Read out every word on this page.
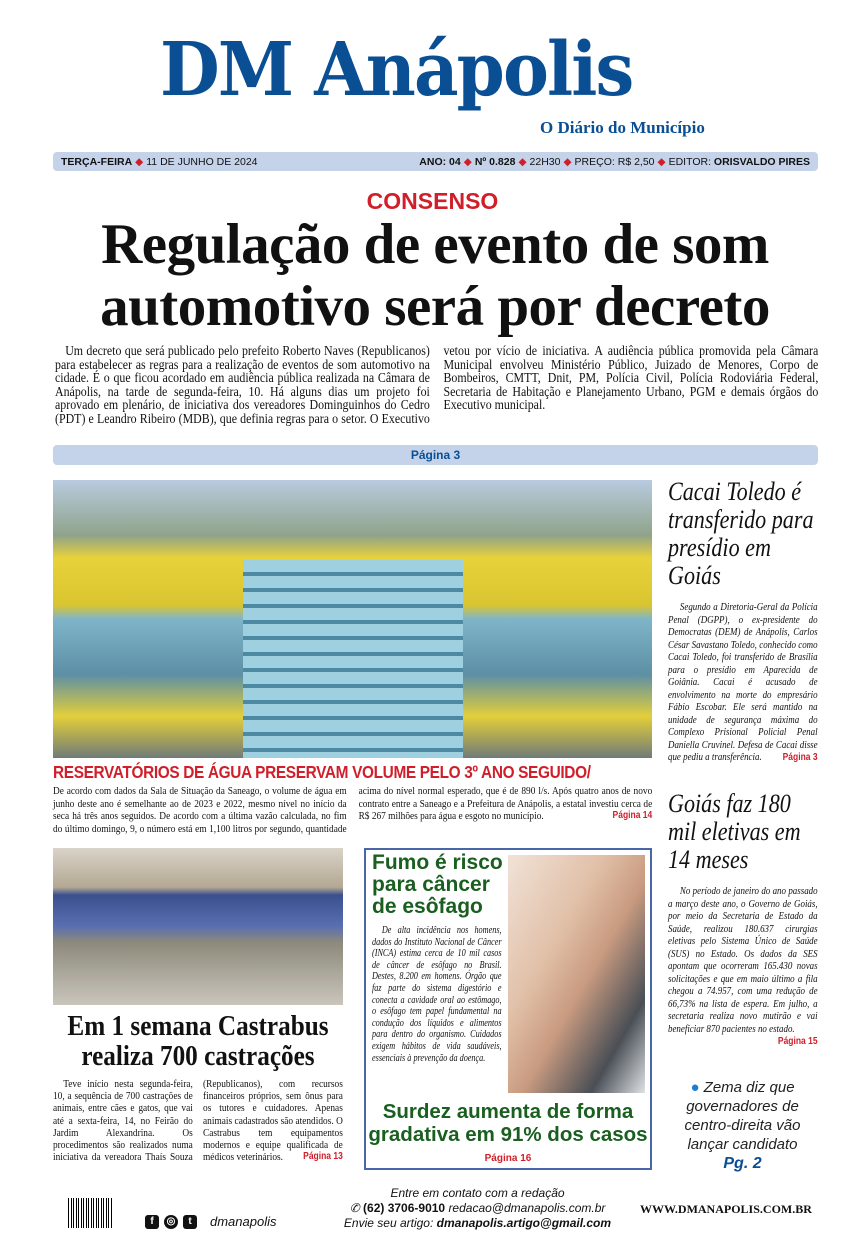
DM Anápolis
O Diário do Município
TERÇA-FEIRA ◆ 11 DE JUNHO DE 2024	ANO: 04 ◆ Nº 0.828 ◆ 22H30 ◆ PREÇO: R$ 2,50 ◆ EDITOR: ORISVALDO PIRES
CONSENSO
Regulação de evento de som automotivo será por decreto
Um decreto que será publicado pelo prefeito Roberto Naves (Republicanos) para estabelecer as regras para a realização de eventos de som automotivo na cidade. É o que ficou acordado em audiência pública realizada na Câmara de Anápolis, na tarde de segunda-feira, 10. Há alguns dias um projeto foi aprovado em plenário, de iniciativa dos vereadores Dominguinhos do Cedro (PDT) e Leandro Ribeiro (MDB), que definia regras para o setor. O Executivo vetou por vício de iniciativa. A audiência pública promovida pela Câmara Municipal envolveu Ministério Público, Juizado de Menores, Corpo de Bombeiros, CMTT, Dnit, PM, Polícia Civil, Polícia Rodoviária Federal, Secretaria de Habitação e Planejamento Urbano, PGM e demais órgãos do Executivo municipal.
Página 3
Cacai Toledo é transferido para presídio em Goiás
Segundo a Diretoria-Geral da Polícia Penal (DGPP), o ex-presidente do Democratas (DEM) de Anápolis, Carlos César Savastano Toledo, conhecido como Cacai Toledo, foi transferido de Brasília para o presídio em Aparecida de Goiânia. Cacai é acusado de envolvimento na morte do empresário Fábio Escobar. Ele será mantido na unidade de segurança máxima do Complexo Prisional Policial Penal Daniella Cruvinel. Defesa de Cacai disse que pediu a transferência.	Página 3
RESERVATÓRIOS DE ÁGUA PRESERVAM VOLUME PELO 3º ANO SEGUIDO/
De acordo com dados da Sala de Situação da Saneago, o volume de água em junho deste ano é semelhante ao de 2023 e 2022, mesmo nível no início da seca há três anos seguidos. De acordo com a última vazão calculada, no fim do último domingo, 9, o número está em 1,100 litros por segundo, quantidade acima do nível normal esperado, que é de 890 l/s. Após quatro anos de novo contrato entre a Saneago e a Prefeitura de Anápolis, a estatal investiu cerca de R$ 267 milhões para água e esgoto no município.	Página 14 Goiás faz 180 mil eletivas em 14 meses
No período de janeiro do ano passado a março deste ano, o Governo de Goiás, por meio da Secretaria de Estado da Saúde, realizou 180.637 cirurgias eletivas pelo Sistema Único de Saúde (SUS) no Estado. Os dados da SES apontam que ocorreram 165.430 novas solicitações e que em maio último a fila chegou a 74.957, com uma redução de 66,73% na lista de espera. Em julho, a secretaria realiza novo mutirão e vai beneficiar 870 pacientes no estado.
Página 15
Em 1 semana Castrabus realiza 700 castrações
Teve início nesta segunda-feira, 10, a sequência de 700 castrações de animais, entre cães e gatos, que vai até a sexta-feira, 14, no Feirão do Jardim Alexandrina. Os procedimentos são realizados numa iniciativa da vereadora Thaís Souza (Republicanos), com recursos financeiros próprios, sem ônus para os tutores e cuidadores. Apenas animais cadastrados são atendidos. O Castrabus tem equipamentos modernos e equipe qualificada de médicos veterinários.	Página 13
Fumo é risco para câncer de esôfago
De alta incidência nos homens, dados do Instituto Nacional de Câncer (INCA) estima cerca de 10 mil casos de câncer de esôfago no Brasil. Destes, 8.200 em homens. Órgão que faz parte do sistema digestório e conecta a cavidade oral ao estômago, o esôfago tem papel fundamental na condução dos líquidos e alimentos para dentro do organismo. Cuidados exigem hábitos de vida saudáveis, essenciais à prevenção da doença.
Surdez aumenta de forma gradativa em 91% dos casos
Página 16
● Zema diz que governadores de centro-direita vão lançar candidato
Pg. 2
f	◎	t	dmanapolis
Entre em contato com a redação
✆ (62) 3706-9010 redacao@dmanapolis.com.br
Envie seu artigo: dmanapolis.artigo@gmail.com
WWW.DMANAPOLIS.COM.BR
